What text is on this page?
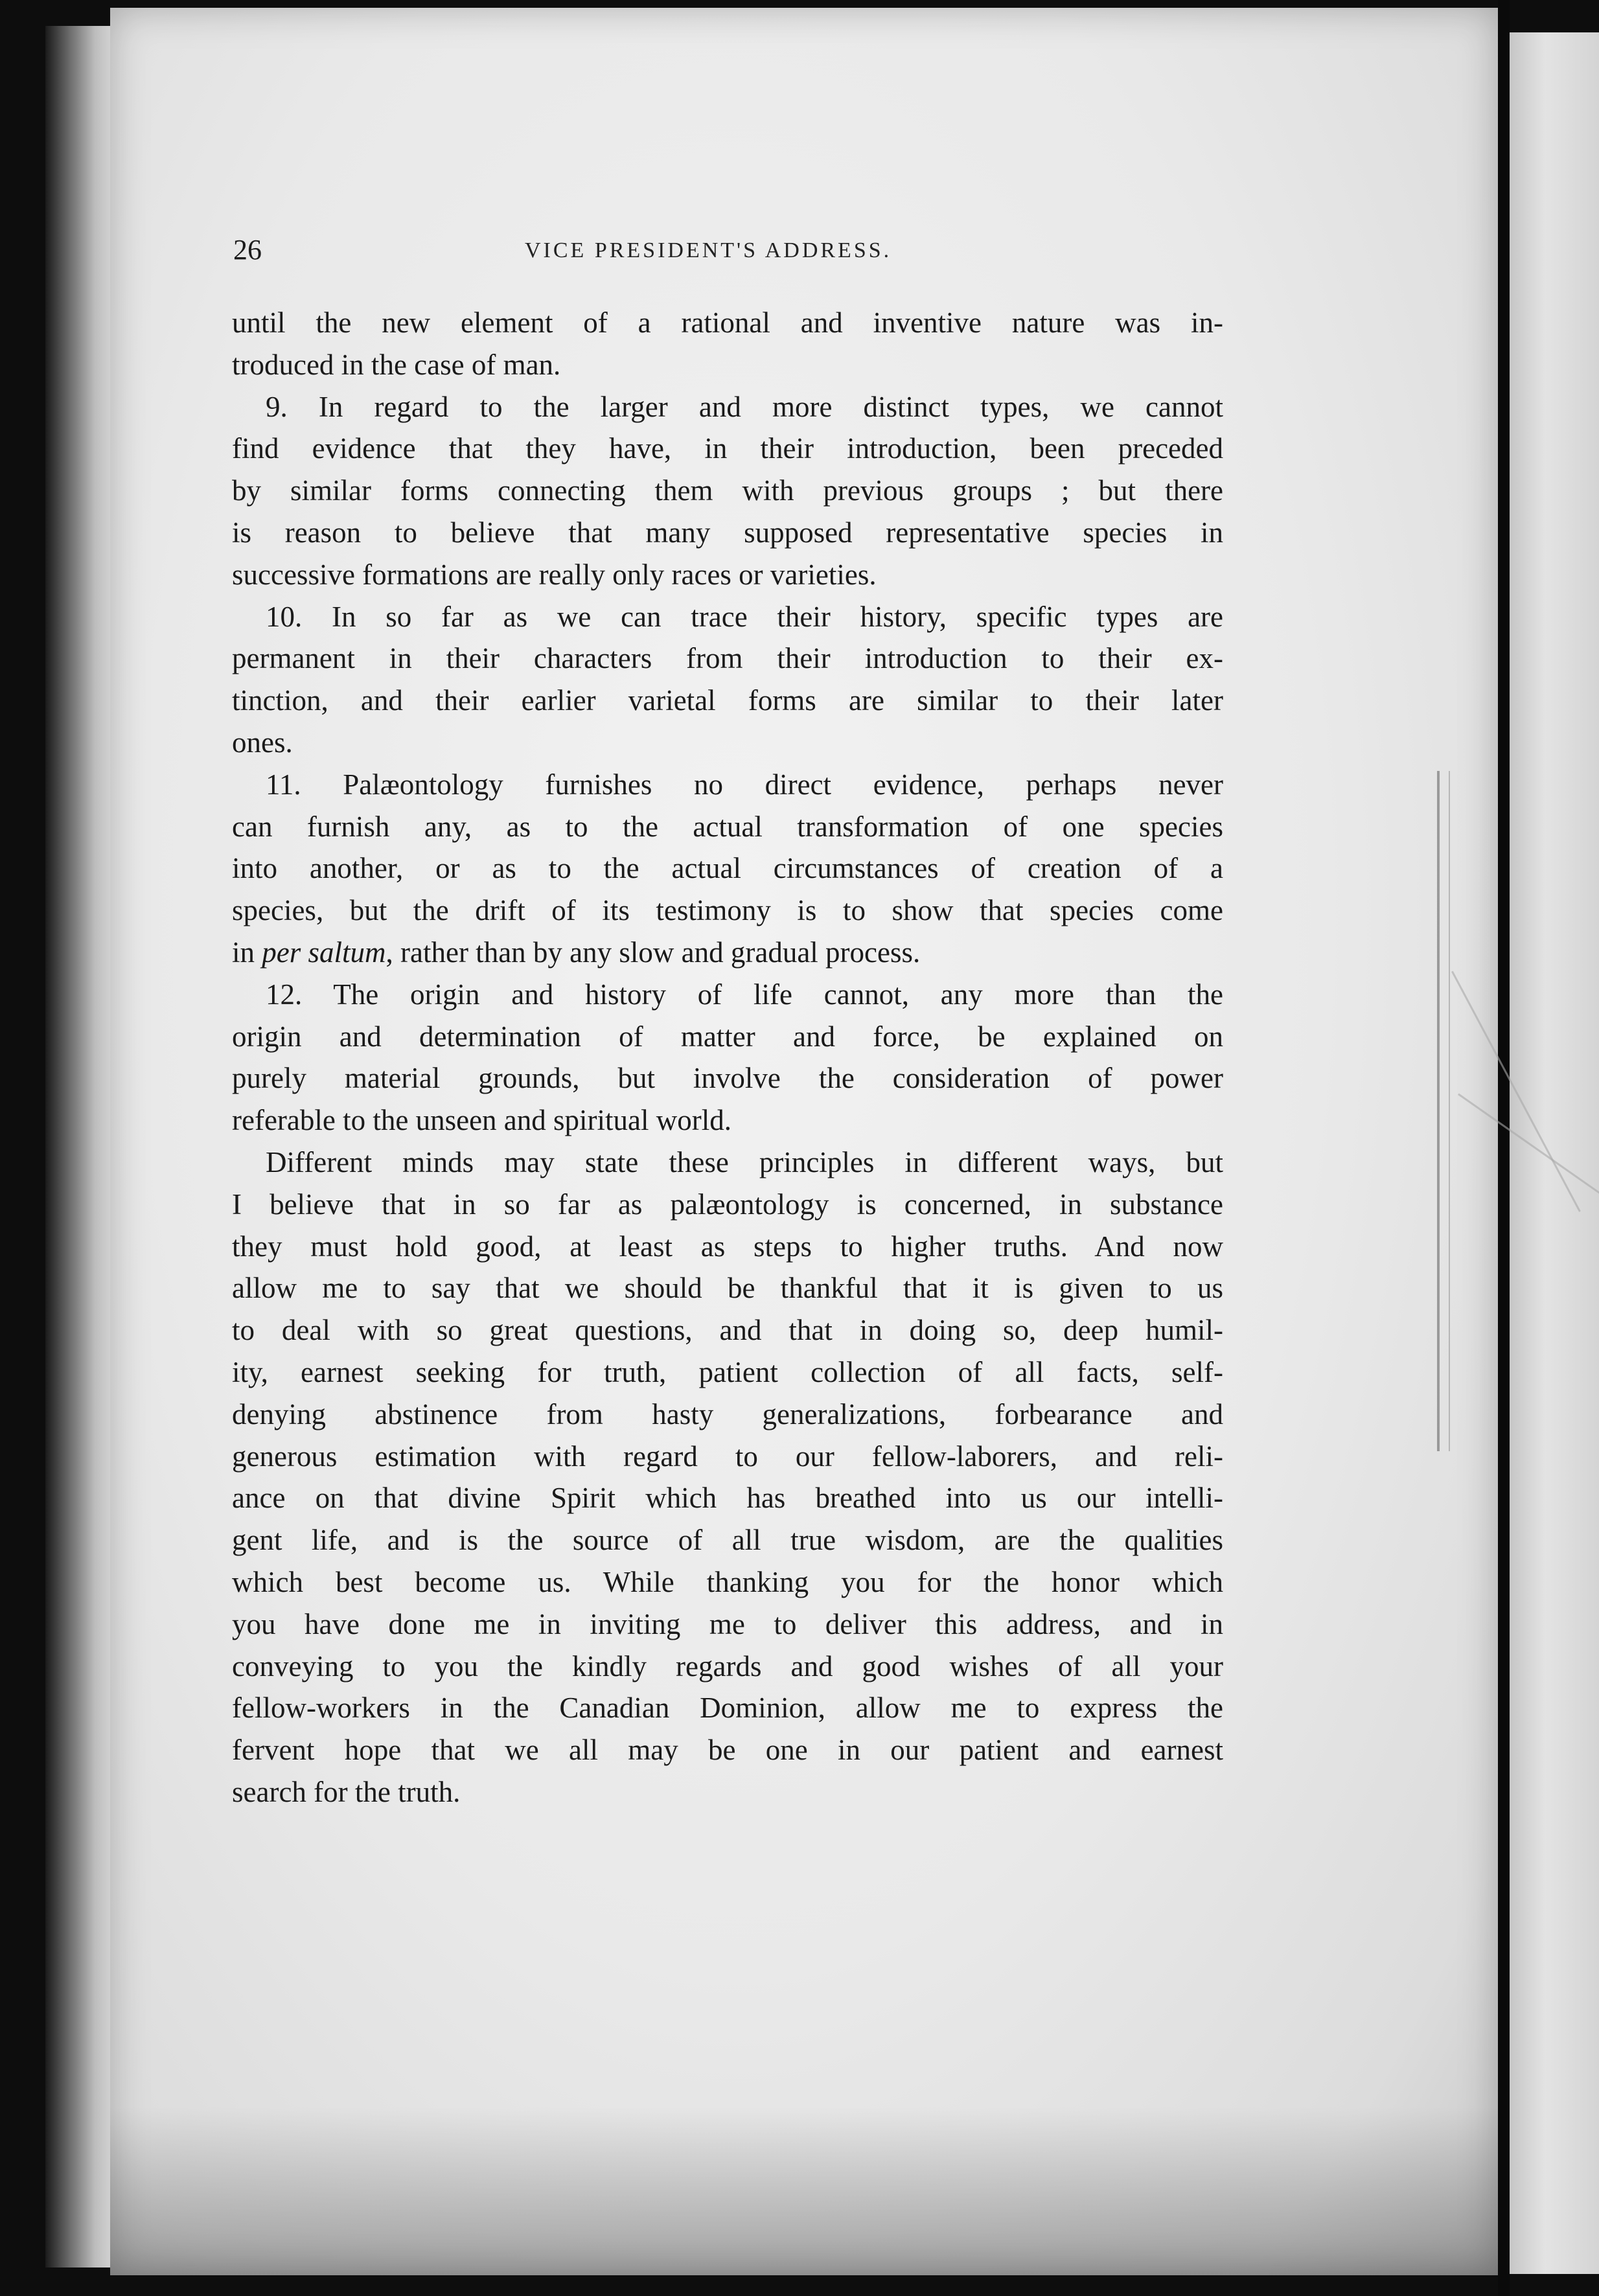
26	VICE PRESIDENT'S ADDRESS.
until the new element of a rational and inventive nature was in-
troduced in the case of man.
9. In regard to the larger and more distinct types, we cannot
find evidence that they have, in their introduction, been preceded
by similar forms connecting them with previous groups ; but there
is reason to believe that many supposed representative species in
successive formations are really only races or varieties.
10. In so far as we can trace their history, specific types are
permanent in their characters from their introduction to their ex-
tinction, and their earlier varietal forms are similar to their later
ones.
11. Palæontology furnishes no direct evidence, perhaps never
can furnish any, as to the actual transformation of one species
into another, or as to the actual circumstances of creation of a
species, but the drift of its testimony is to show that species come
in per saltum, rather than by any slow and gradual process.
12. The origin and history of life cannot, any more than the
origin and determination of matter and force, be explained on
purely material grounds, but involve the consideration of power
referable to the unseen and spiritual world.
Different minds may state these principles in different ways, but
I believe that in so far as palæontology is concerned, in substance
they must hold good, at least as steps to higher truths. And now
allow me to say that we should be thankful that it is given to us
to deal with so great questions, and that in doing so, deep humil-
ity, earnest seeking for truth, patient collection of all facts, self-
denying abstinence from hasty generalizations, forbearance and
generous estimation with regard to our fellow-laborers, and reli-
ance on that divine Spirit which has breathed into us our intelli-
gent life, and is the source of all true wisdom, are the qualities
which best become us. While thanking you for the honor which
you have done me in inviting me to deliver this address, and in
conveying to you the kindly regards and good wishes of all your
fellow-workers in the Canadian Dominion, allow me to express the
fervent hope that we all may be one in our patient and earnest
search for the truth.
